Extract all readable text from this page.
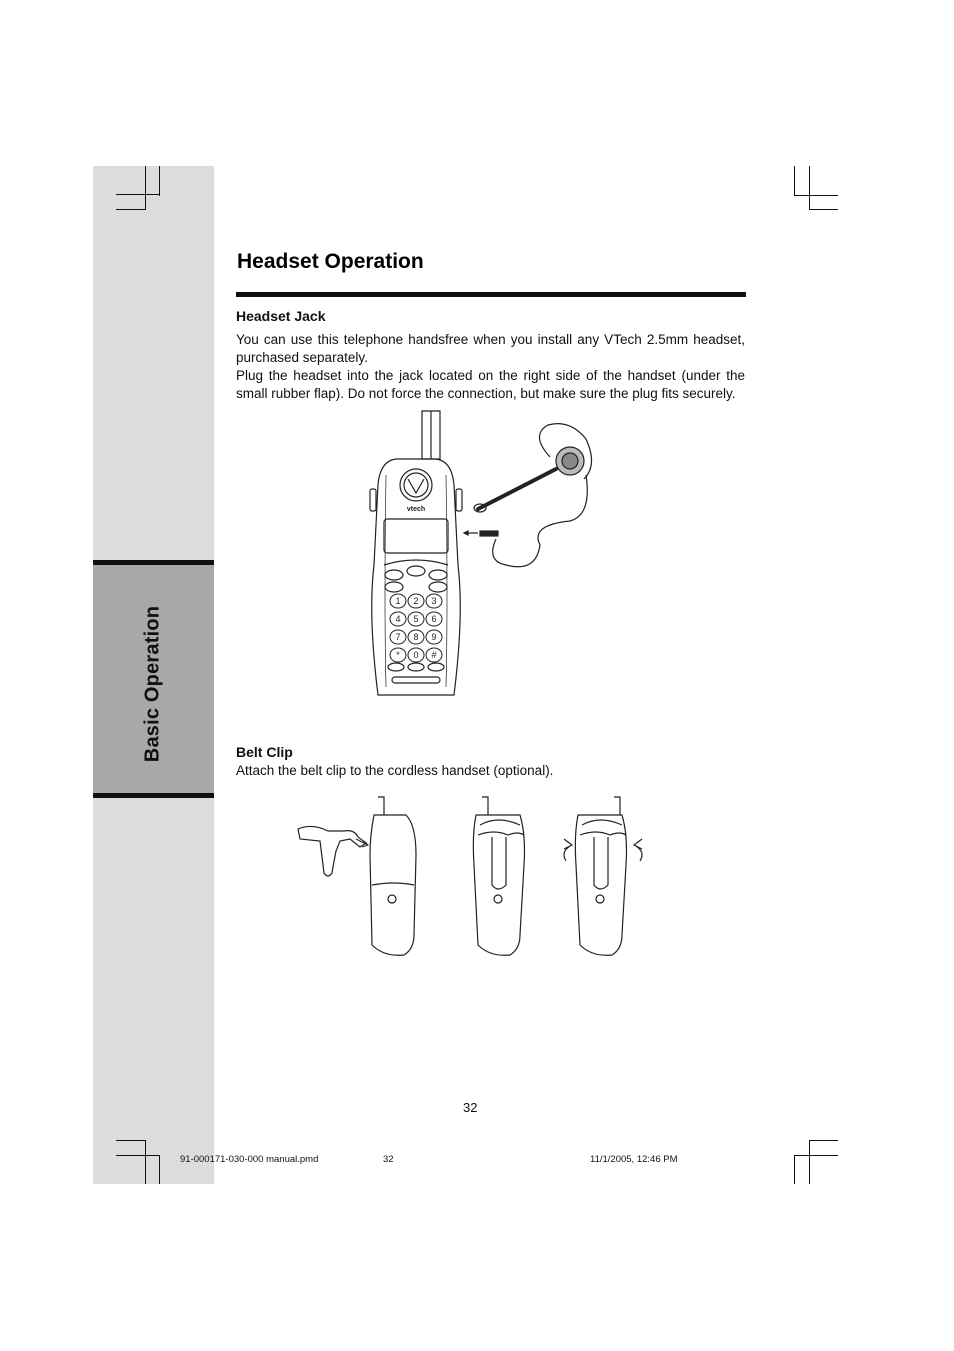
Basic Operation
Headset Operation
Headset Jack

You can use this telephone handsfree when you install any VTech 2.5mm headset, purchased separately.
Plug the headset into the jack located on the right side of the handset (under the small rubber flap). Do not force the connection, but make sure the plug fits securely.

vtech
1 2 3
4 5 6
7 8 9
* 0 #
Belt Clip

Attach the belt clip to the cordless handset (optional).

32
91-000171-030-000 manual.pmd	32	11/1/2005, 12:46 PM
